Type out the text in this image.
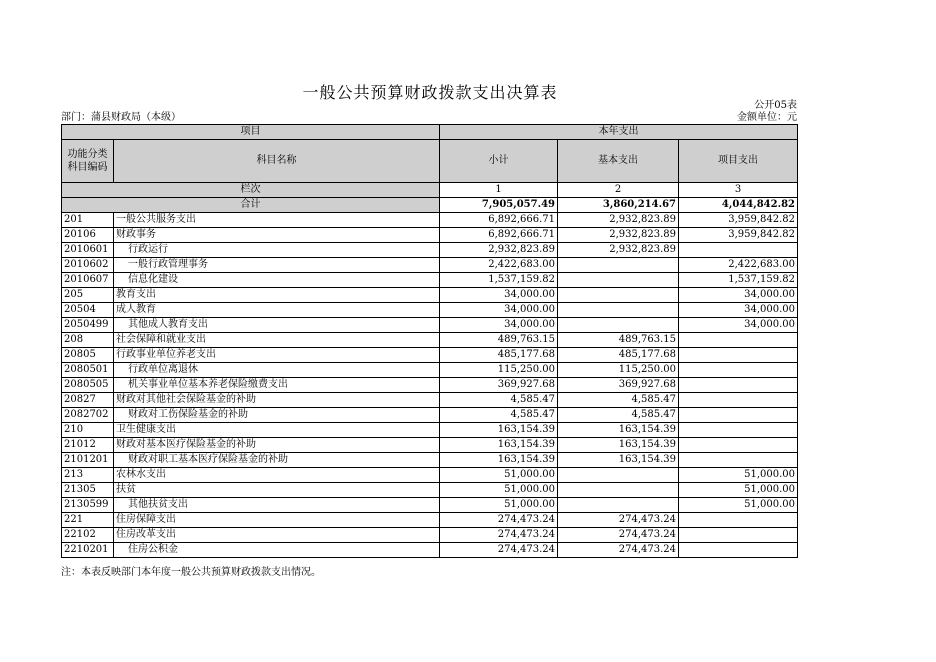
一般公共预算财政拨款支出决算表
公开05表
部门：蒲县财政局（本级）	金额单位：元
项目		本年支出		
功能分类科目编码	科目名称	小计	基本支出	项目支出
栏次		1	2	3
合计		7,905,057.49	3,860,214.67	4,044,842.82
201	一般公共服务支出	6,892,666.71	2,932,823.89	3,959,842.82
20106	财政事务	6,892,666.71	2,932,823.89	3,959,842.82
2010601	行政运行	2,932,823.89	2,932,823.89	
2010602	一般行政管理事务	2,422,683.00		2,422,683.00
2010607	信息化建设	1,537,159.82		1,537,159.82
205	教育支出	34,000.00		34,000.00
20504	成人教育	34,000.00		34,000.00
2050499	其他成人教育支出	34,000.00		34,000.00
208	社会保障和就业支出	489,763.15	489,763.15	
20805	行政事业单位养老支出	485,177.68	485,177.68	
2080501	行政单位离退休	115,250.00	115,250.00	
2080505	机关事业单位基本养老保险缴费支出	369,927.68	369,927.68	
20827	财政对其他社会保险基金的补助	4,585.47	4,585.47	
2082702	财政对工伤保险基金的补助	4,585.47	4,585.47	
210	卫生健康支出	163,154.39	163,154.39	
21012	财政对基本医疗保险基金的补助	163,154.39	163,154.39	
2101201	财政对职工基本医疗保险基金的补助	163,154.39	163,154.39	
213	农林水支出	51,000.00		51,000.00
21305	扶贫	51,000.00		51,000.00
2130599	其他扶贫支出	51,000.00		51,000.00
221	住房保障支出	274,473.24	274,473.24	
22102	住房改革支出	274,473.24	274,473.24	
2210201	住房公积金	274,473.24	274,473.24	
注：本表反映部门本年度一般公共预算财政拨款支出情况。
